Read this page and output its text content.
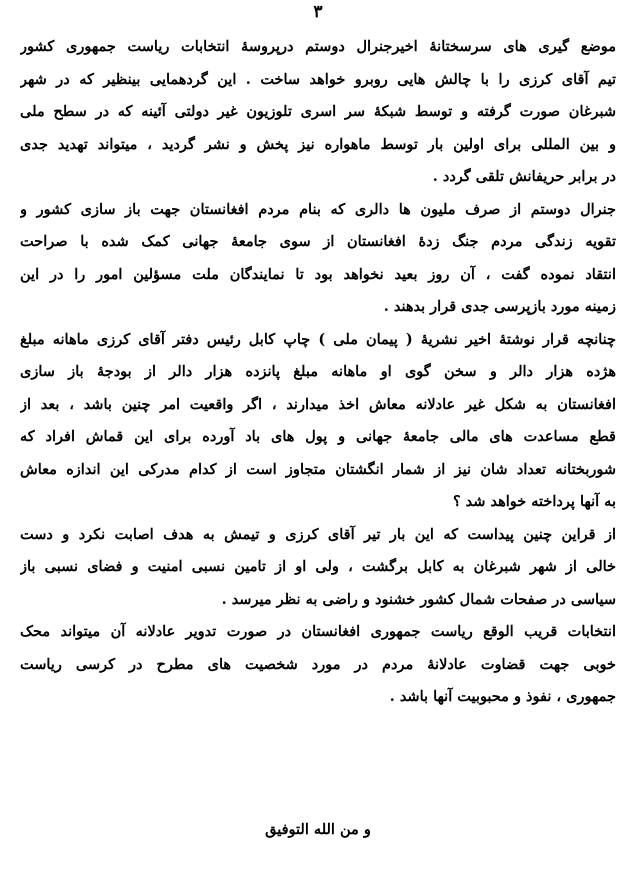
۳
موضع گیری های سرسختانهٔ اخیرجنرال دوستم درپروسهٔ انتخابات ریاست جمهوری کشور
تیم آقای کرزی را با چالش هایی روبرو خواهد ساخت . این گردهمایی بینظیر که در شهر
شبرغان صورت گرفته و توسط شبکهٔ سر اسری تلوزیون غیر دولتی آئینه که در سطح ملی
و بین المللی برای اولین بار توسط ماهواره نیز پخش و نشر گردید ، میتواند تهدید جدی
در برابر حریفانش تلقی گردد .
جنرال دوستم از صرف ملیون ها دالری که بنام مردم افغانستان جهت باز سازی کشور و
تقویه زندگی مردم جنگ زدهٔ افغانستان از سوی جامعهٔ جهانی کمک شده با صراحت
انتقاد نموده گفت ، آن روز بعید نخواهد بود تا نمایندگان ملت مسؤلین امور را در این
زمینه مورد بازپرسی جدی قرار بدهند .
چنانچه قرار نوشتهٔ اخیر نشریهٔ ( پیمان ملی ) چاپ کابل رئیس دفتر آقای کرزی ماهانه مبلغ
هژده هزار دالر و سخن گوی او ماهانه مبلغ پانزده هزار دالر از بودجهٔ باز سازی
افغانستان به شکل غیر عادلانه معاش اخذ میدارند ، اگر واقعیت امر چنین باشد ، بعد از
قطع مساعدت های مالی جامعهٔ جهانی و پول های باد آورده برای این قماش افراد که
شوربختانه تعداد شان نیز از شمار انگشتان متجاوز است از کدام مدرکی این اندازه معاش
به آنها پرداخته خواهد شد ؟
از قراین چنین پیداست که این بار تیر آقای کرزی و تیمش به هدف اصابت نکرد و دست
خالی از شهر شبرغان به کابل برگشت ، ولی او از تامین نسبی امنیت و فضای نسبی باز
سیاسی در صفحات شمال کشور خشنود و راضی به نظر میرسد .
انتخابات قریب الوقع ریاست جمهوری افغانستان در صورت تدویر عادلانه آن میتواند محک
خوبی جهت قضاوت عادلانهٔ مردم در مورد شخصیت های مطرح در کرسی ریاست
جمهوری ، نفوذ و محبوبیت آنها باشد .
و من الله التوفیق
